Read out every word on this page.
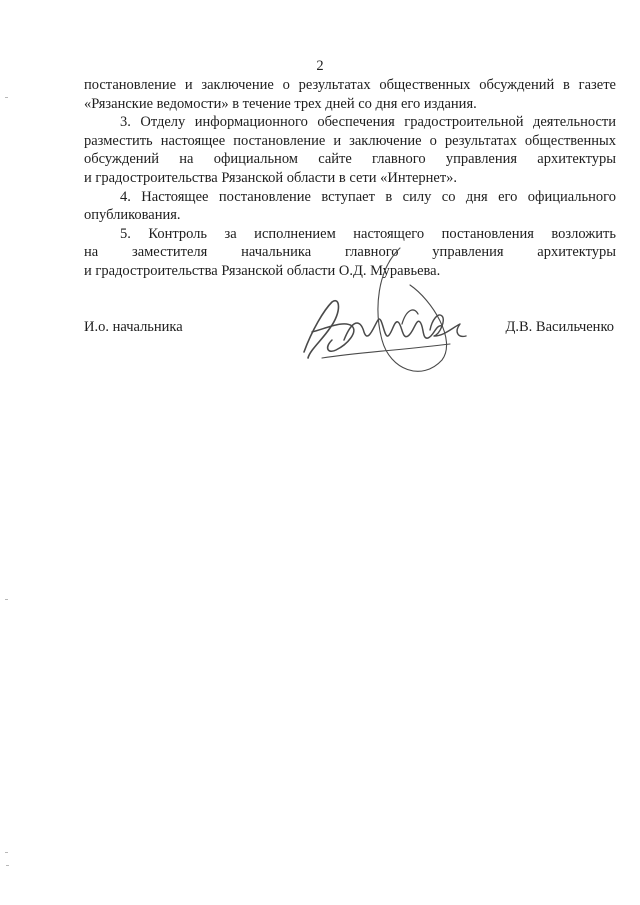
2

постановление и заключение о результатах общественных обсуждений в газете

«Рязанские ведомости» в течение трех дней со дня его издания.

3. Отделу информационного обеспечения градостроительной деятельности

разместить настоящее постановление и заключение о результатах общественных

обсуждений на официальном сайте главного управления архитектуры

и градостроительства Рязанской области в сети «Интернет».

4. Настоящее постановление вступает в силу со дня его официального

опубликования.

5. Контроль за исполнением настоящего постановления возложить

на заместителя начальника главного управления архитектуры

и градостроительства Рязанской области О.Д. Муравьева.

И.о. начальника	Д.В. Васильченко
